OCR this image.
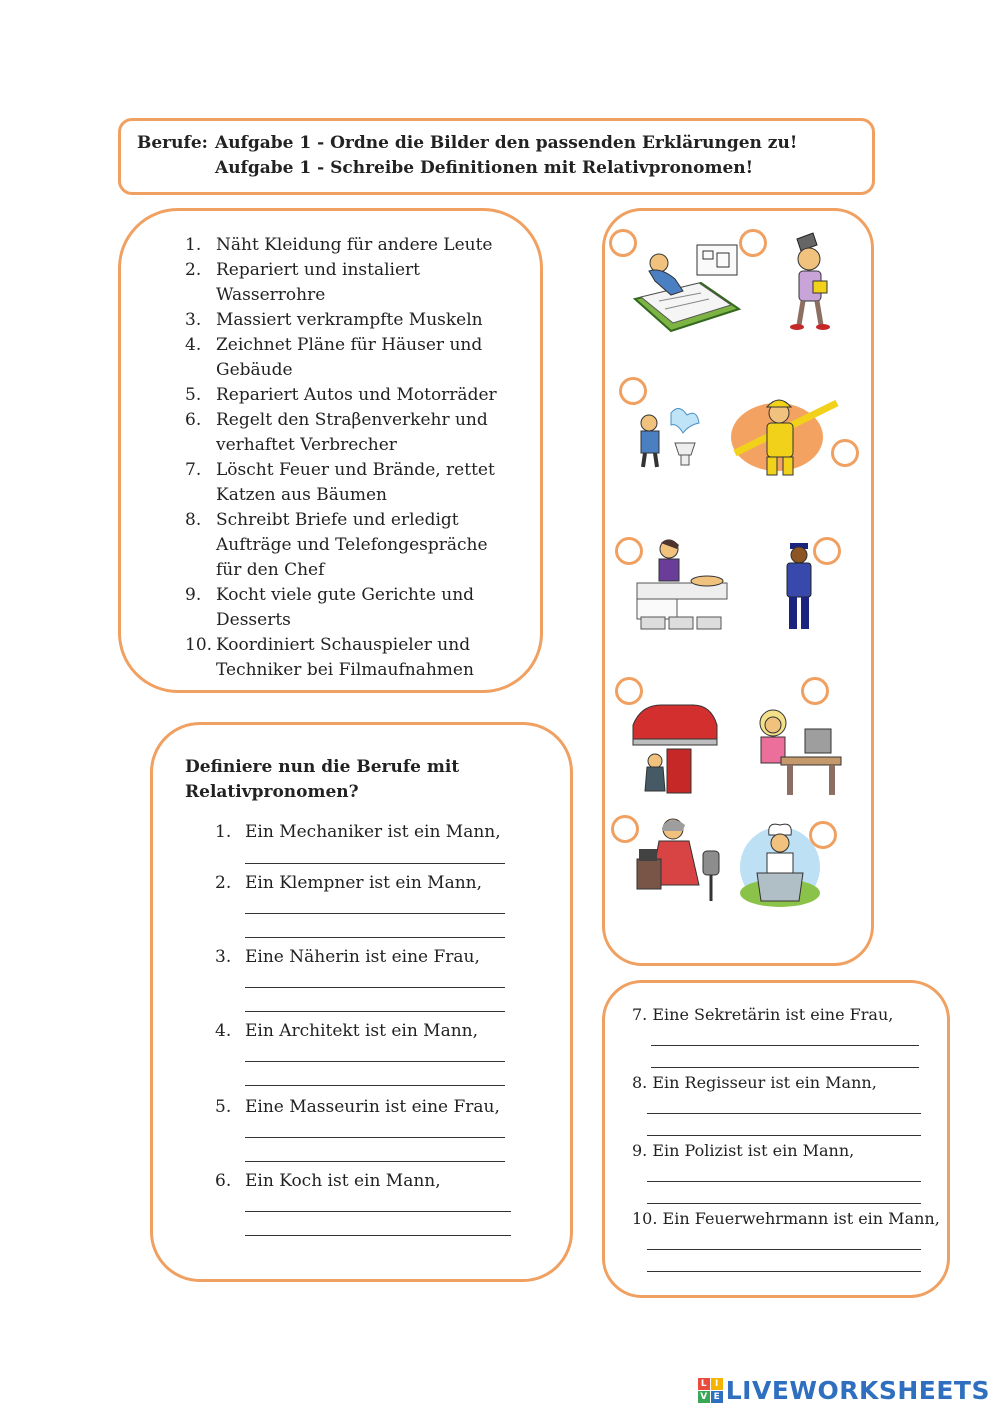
Berufe: Aufgabe 1 - Ordne die Bilder den passenden Erklärungen zu!
Aufgabe 1 - Schreibe Definitionen mit Relativpronomen!
1. Näht Kleidung für andere Leute
2. Repariert und instaliert Wasserrohre
3. Massiert verkrampfte Muskeln
4. Zeichnet Pläne für Häuser und Gebäude
5. Repariert Autos und Motorräder
6. Regelt den Straβenverkehr und verhaftet Verbrecher
7. Löscht Feuer und Brände, rettet Katzen aus Bäumen
8. Schreibt Briefe und erledigt Aufträge und Telefongespräche für den Chef
9. Kocht viele gute Gerichte und Desserts
10. Koordiniert Schauspieler und Techniker bei Filmaufnahmen
Definiere nun die Berufe mit Relativpronomen?
1. Ein Mechaniker ist ein Mann,
2. Ein Klempner ist ein Mann,
3. Eine Näherin ist eine Frau,
4. Ein Architekt ist ein Mann,
5. Eine Masseurin ist eine Frau,
6. Ein Koch ist ein Mann,
7. Eine Sekretärin ist eine Frau,
8. Ein Regisseur ist ein Mann,
9. Ein Polizist ist ein Mann,
10. Ein Feuerwehrmann ist ein Mann,
L I
V E LIVEWORKSHEETS
